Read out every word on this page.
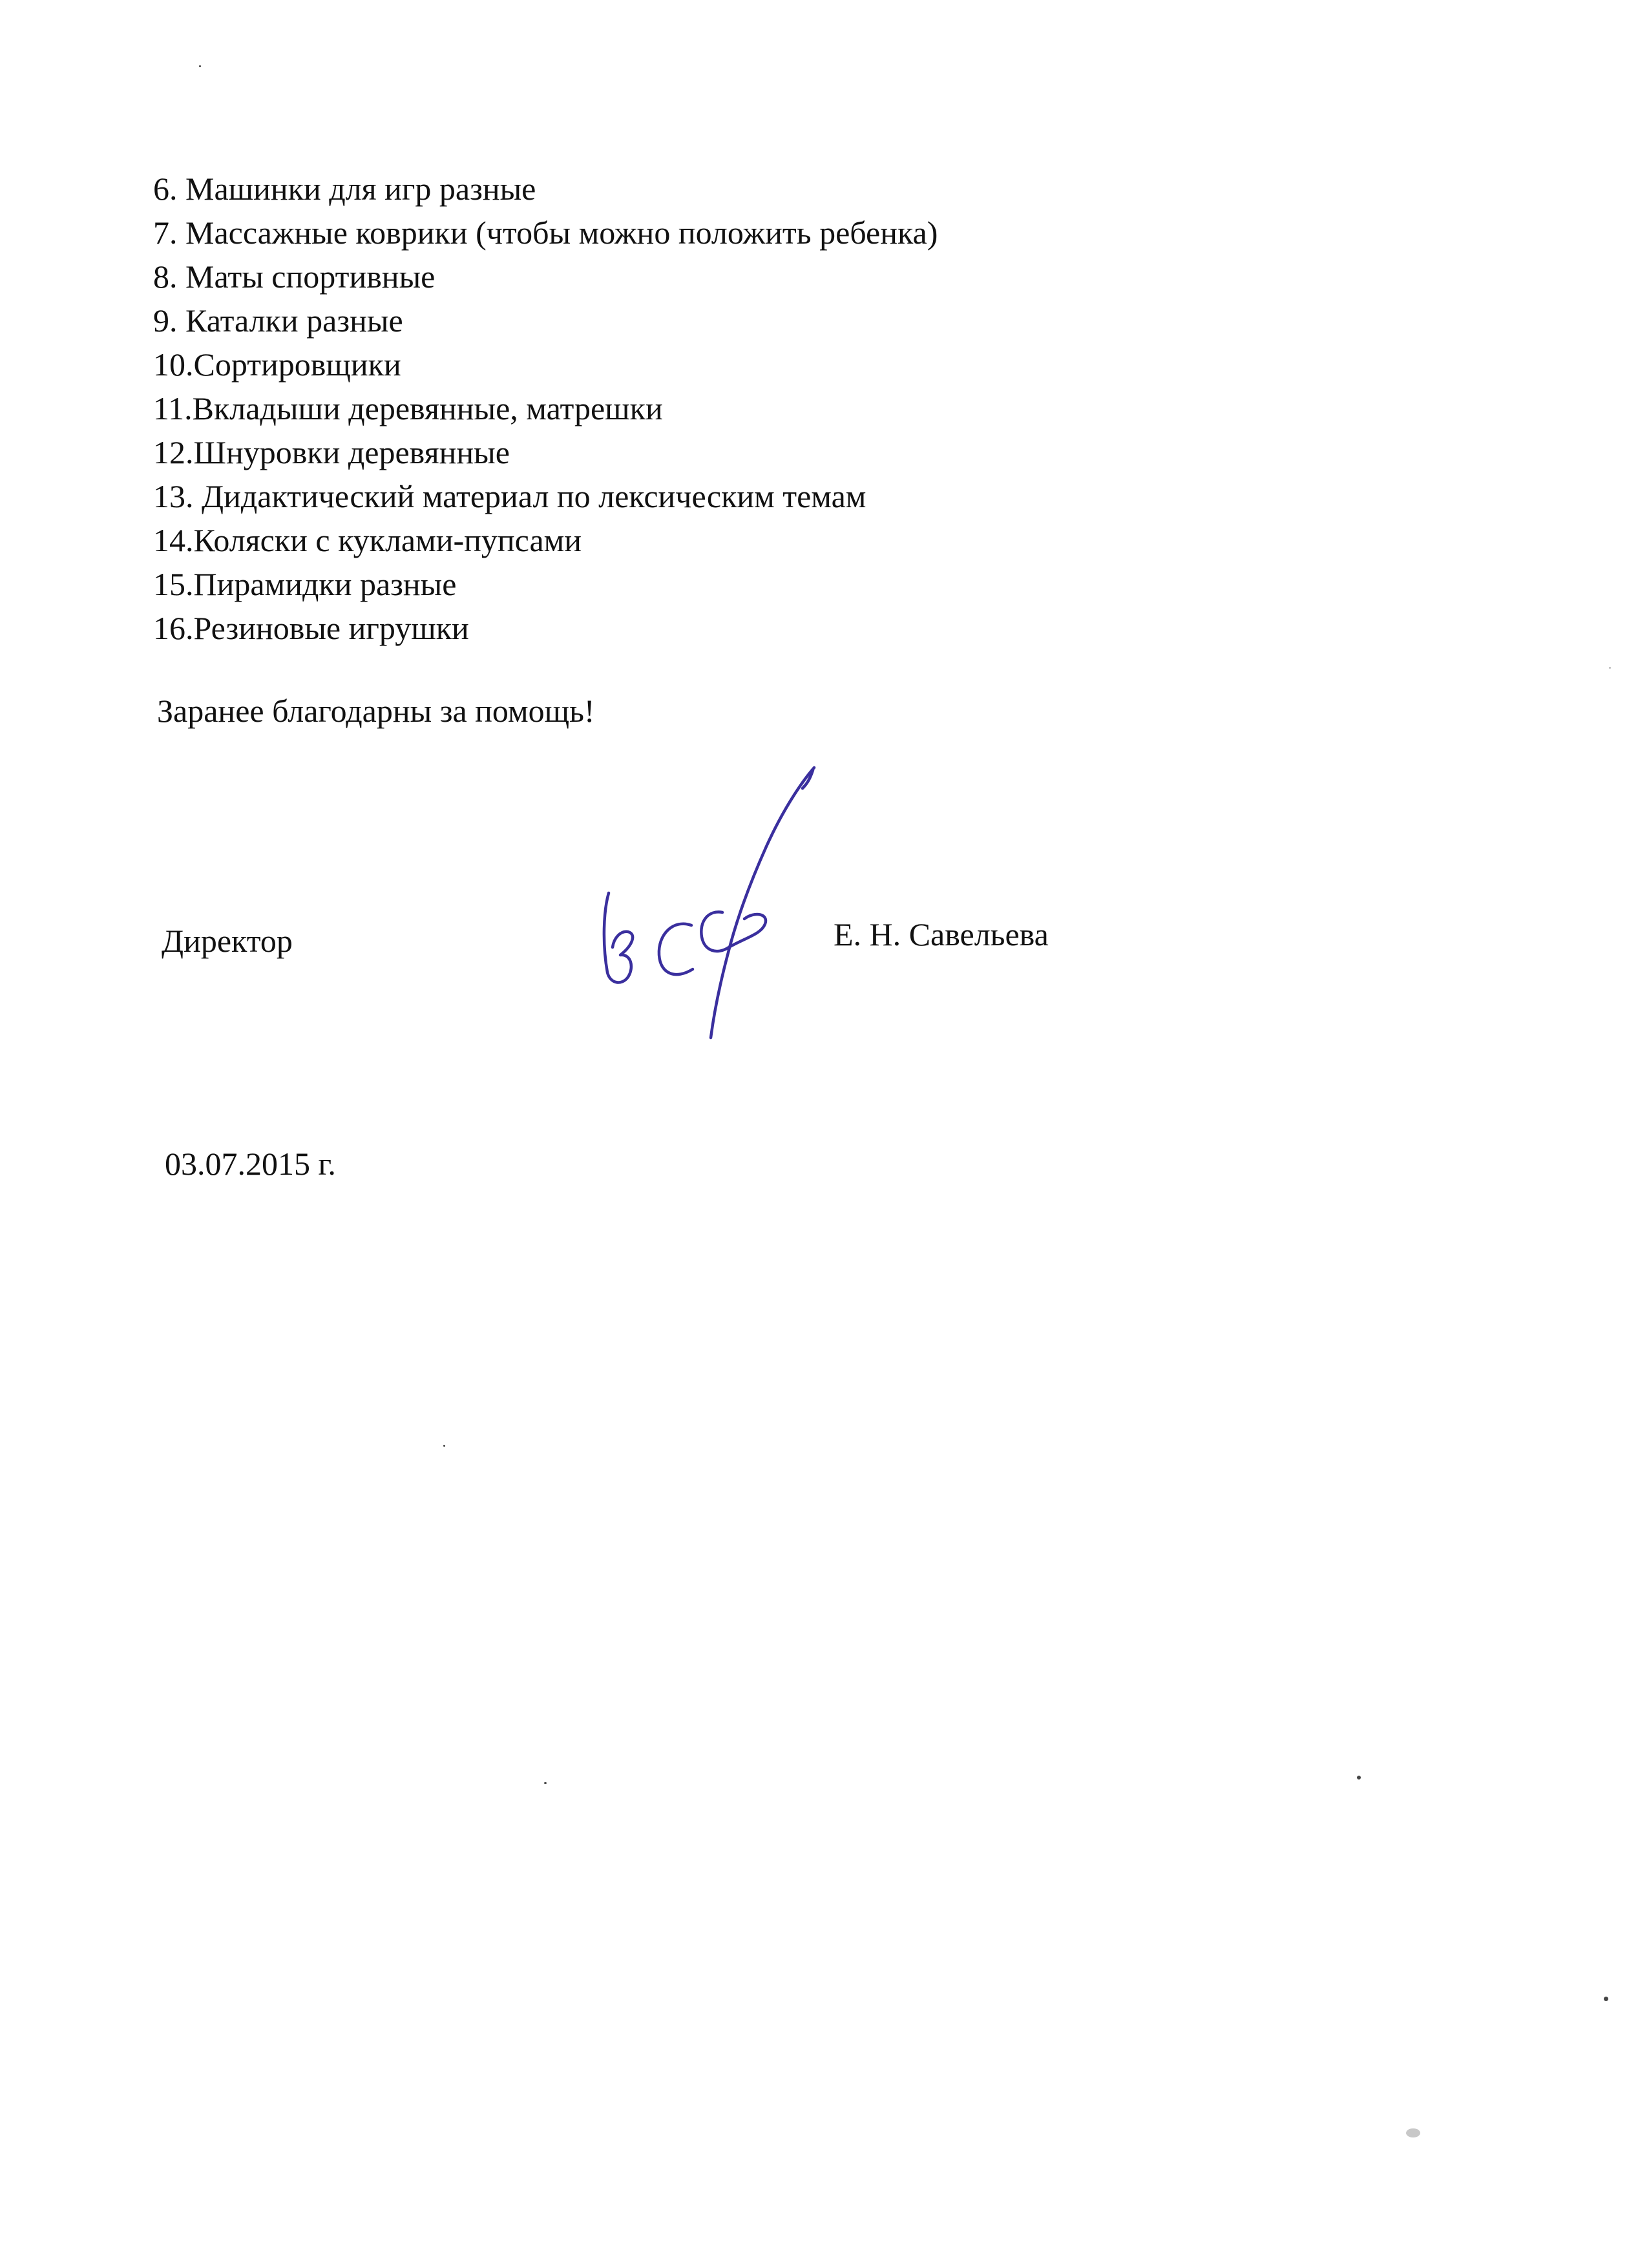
6. Машинки для игр разные
7. Массажные коврики (чтобы можно положить ребенка)
8. Маты спортивные
9. Каталки разные
10.Сортировщики
11.Вкладыши деревянные, матрешки
12.Шнуровки деревянные
13. Дидактический материал по лексическим темам
14.Коляски с куклами-пупсами
15.Пирамидки разные
16.Резиновые игрушки
Заранее благодарны за помощь!
Директор	Е. Н. Савельева
03.07.2015 г.
